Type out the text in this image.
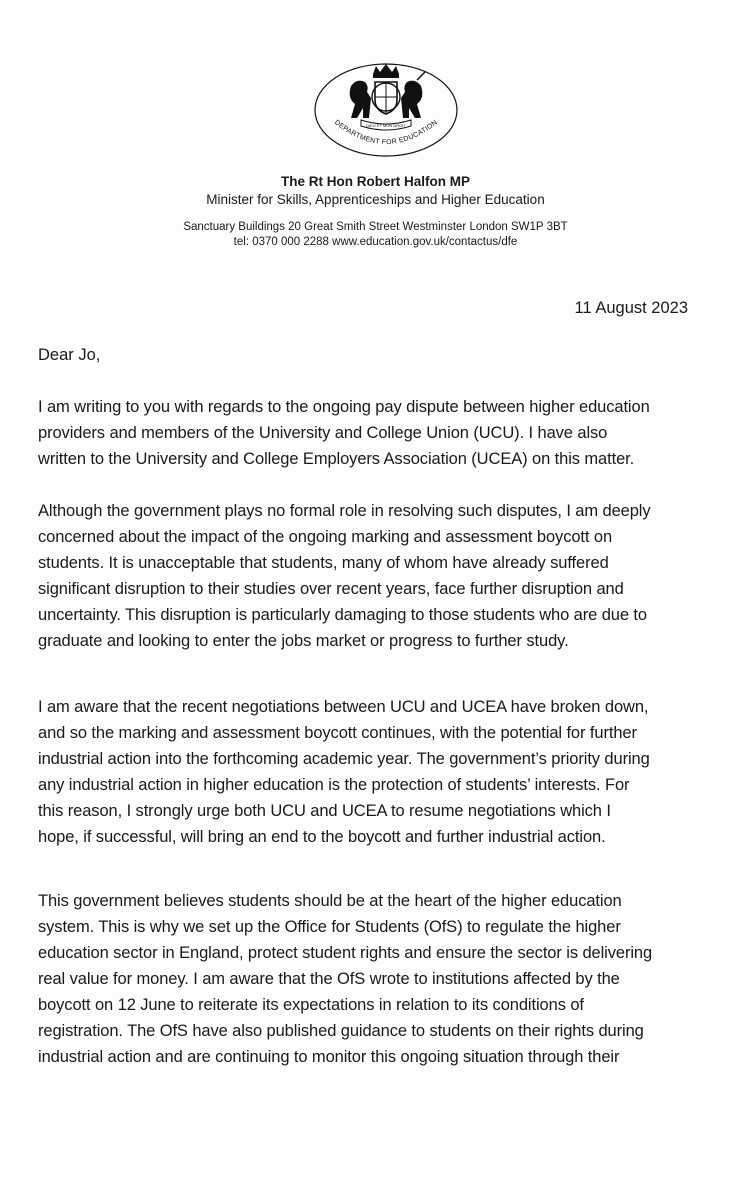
DIEU ET MON DROIT
DEPARTMENT FOR EDUCATION
The Rt Hon Robert Halfon MP
Minister for Skills, Apprenticeships and Higher Education
Sanctuary Buildings 20 Great Smith Street Westminster London SW1P 3BT
tel: 0370 000 2288 www.education.gov.uk/contactus/dfe
11 August 2023
Dear Jo,
I am writing to you with regards to the ongoing pay dispute between higher education
providers and members of the University and College Union (UCU). I have also
written to the University and College Employers Association (UCEA) on this matter.
Although the government plays no formal role in resolving such disputes, I am deeply
concerned about the impact of the ongoing marking and assessment boycott on
students. It is unacceptable that students, many of whom have already suffered
significant disruption to their studies over recent years, face further disruption and
uncertainty. This disruption is particularly damaging to those students who are due to
graduate and looking to enter the jobs market or progress to further study.
I am aware that the recent negotiations between UCU and UCEA have broken down,
and so the marking and assessment boycott continues, with the potential for further
industrial action into the forthcoming academic year. The government’s priority during
any industrial action in higher education is the protection of students’ interests. For
this reason, I strongly urge both UCU and UCEA to resume negotiations which I
hope, if successful, will bring an end to the boycott and further industrial action.
This government believes students should be at the heart of the higher education
system. This is why we set up the Office for Students (OfS) to regulate the higher
education sector in England, protect student rights and ensure the sector is delivering
real value for money. I am aware that the OfS wrote to institutions affected by the
boycott on 12 June to reiterate its expectations in relation to its conditions of
registration. The OfS have also published guidance to students on their rights during
industrial action and are continuing to monitor this ongoing situation through their
